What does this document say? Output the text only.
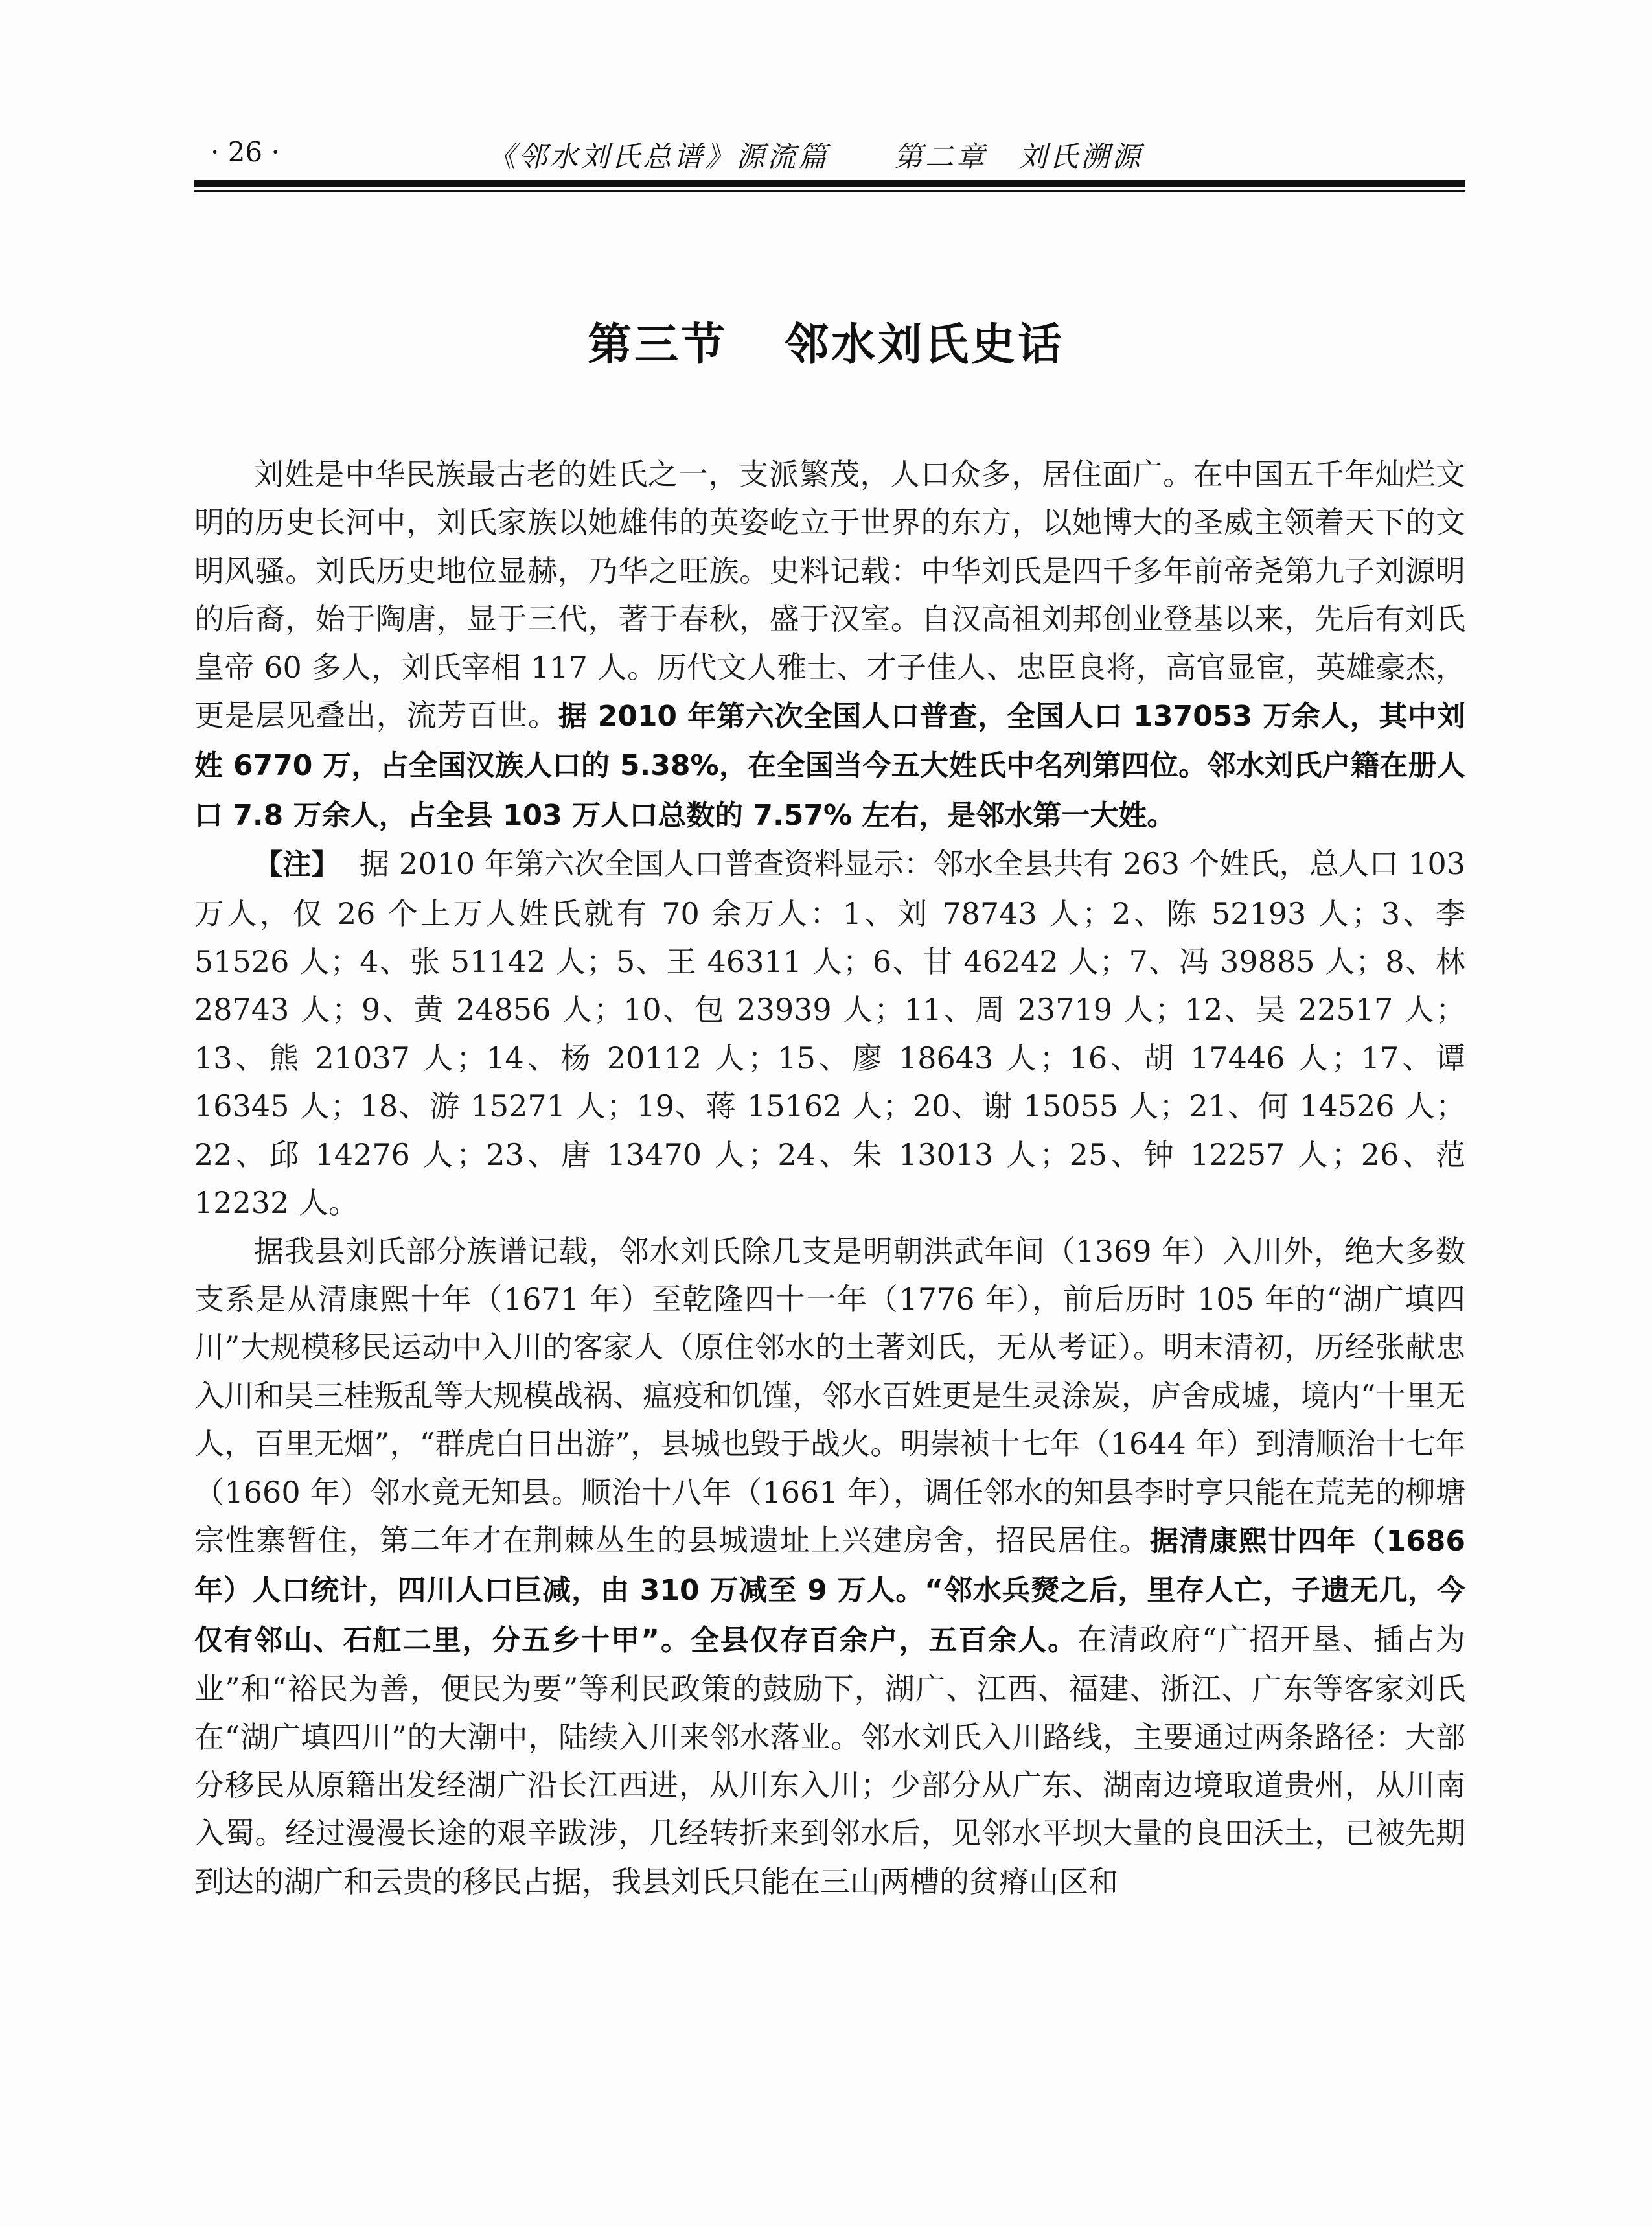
· 26 ·	《邻水刘氏总谱》源流篇 第二章　刘氏溯源
第三节 邻水刘氏史话

刘姓是中华民族最古老的姓氏之一，支派繁茂，人口众多，居住面广。在中国五千年灿烂文明的历史长河中，刘氏家族以她雄伟的英姿屹立于世界的东方，以她博大的圣威主领着天下的文明风骚。刘氏历史地位显赫，乃华之旺族。史料记载：中华刘氏是四千多年前帝尧第九子刘源明的后裔，始于陶唐，显于三代，著于春秋，盛于汉室。自汉高祖刘邦创业登基以来，先后有刘氏皇帝 60 多人，刘氏宰相 117 人。历代文人雅士、才子佳人、忠臣良将，高官显宦，英雄豪杰，更是层见叠出，流芳百世。据 2010 年第六次全国人口普查，全国人口 137053 万余人，其中刘姓 6770 万，占全国汉族人口的 5.38%，在全国当今五大姓氏中名列第四位。邻水刘氏户籍在册人口 7.8 万余人，占全县 103 万人口总数的 7.57% 左右，是邻水第一大姓。

【注】 据 2010 年第六次全国人口普查资料显示：邻水全县共有 263 个姓氏，总人口 103 万人，仅 26 个上万人姓氏就有 70 余万人：1、刘 78743 人；2、陈 52193 人；3、李 51526 人；4、张 51142 人；5、王 46311 人；6、甘 46242 人；7、冯 39885 人；8、林 28743 人；9、黄 24856 人；10、包 23939 人；11、周 23719 人；12、吴 22517 人；13、熊 21037 人；14、杨 20112 人；15、廖 18643 人；16、胡 17446 人；17、谭 16345 人；18、游 15271 人；19、蒋 15162 人；20、谢 15055 人；21、何 14526 人；22、邱 14276 人；23、唐 13470 人；24、朱 13013 人；25、钟 12257 人；26、范 12232 人。

据我县刘氏部分族谱记载，邻水刘氏除几支是明朝洪武年间（1369 年）入川外，绝大多数支系是从清康熙十年（1671 年）至乾隆四十一年（1776 年），前后历时 105 年的“湖广填四川”大规模移民运动中入川的客家人（原住邻水的土著刘氏，无从考证）。明末清初，历经张献忠入川和吴三桂叛乱等大规模战祸、瘟疫和饥馑，邻水百姓更是生灵涂炭，庐舍成墟，境内“十里无人，百里无烟”，“群虎白日出游”，县城也毁于战火。明崇祯十七年（1644 年）到清顺治十七年（1660 年）邻水竟无知县。顺治十八年（1661 年），调任邻水的知县李时亨只能在荒芜的柳塘宗性寨暂住，第二年才在荆棘丛生的县城遗址上兴建房舍，招民居住。据清康熙廿四年（1686 年）人口统计，四川人口巨减，由 310 万减至 9 万人。“邻水兵燹之后，里存人亡，子遗无几，今仅有邻山、石舡二里，分五乡十甲”。全县仅存百余户，五百余人。在清政府“广招开垦、插占为业”和“裕民为善，便民为要”等利民政策的鼓励下，湖广、江西、福建、浙江、广东等客家刘氏在“湖广填四川”的大潮中，陆续入川来邻水落业。邻水刘氏入川路线，主要通过两条路径：大部分移民从原籍出发经湖广沿长江西进，从川东入川；少部分从广东、湖南边境取道贵州，从川南入蜀。经过漫漫长途的艰辛跋涉，几经转折来到邻水后，见邻水平坝大量的良田沃土，已被先期到达的湖广和云贵的移民占据，我县刘氏只能在三山两槽的贫瘠山区和
